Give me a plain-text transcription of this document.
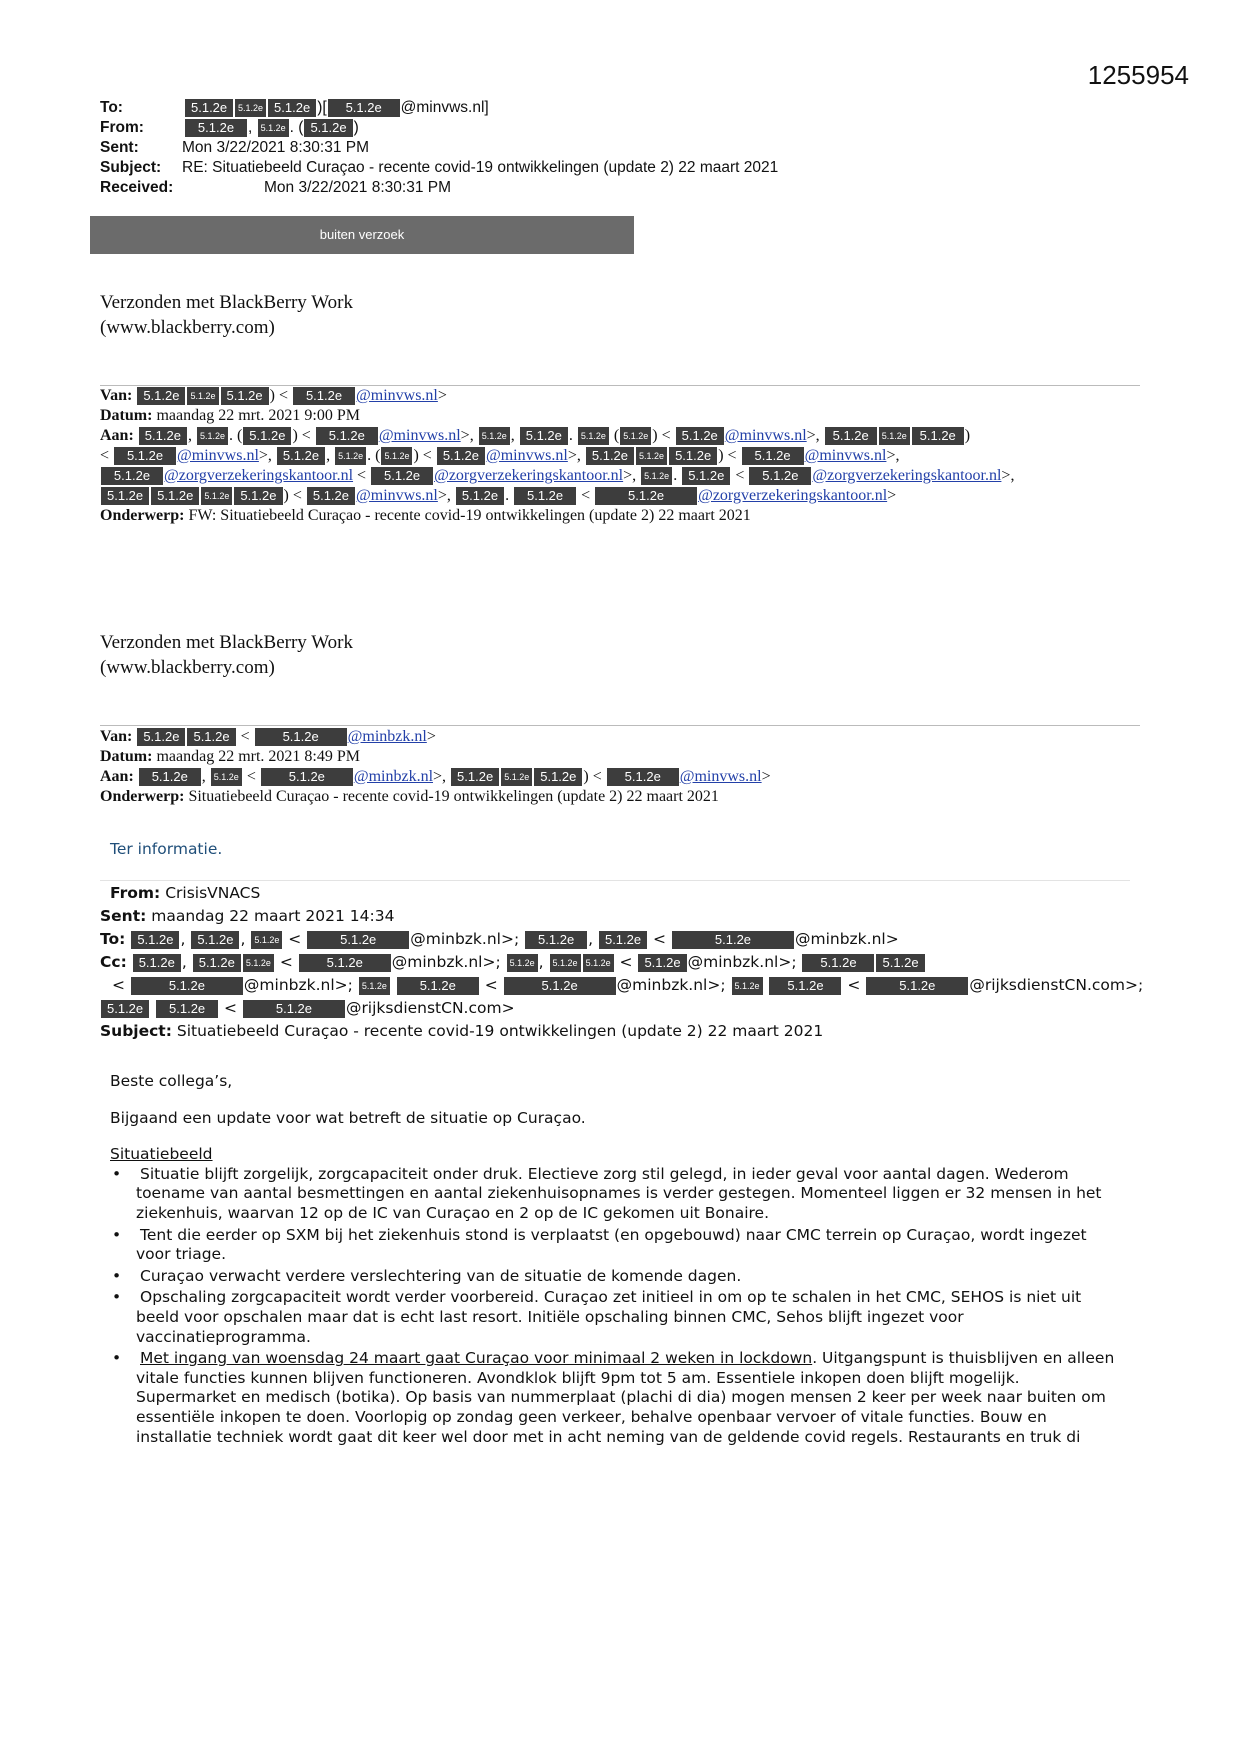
1255954
To:	5.1.2e 5.1.2e 5.1.2e )[ 5.1.2e @minvws.nl]
From:	5.1.2e , 5.1.2e . ( 5.1.2e )
Sent:	Mon 3/22/2021 8:30:31 PM
Subject: RE: Situatiebeeld Curaçao - recente covid-19 ontwikkelingen (update 2) 22 maart 2021
Received:	Mon 3/22/2021 8:30:31 PM
buiten verzoek
Verzonden met BlackBerry Work
(www.blackberry.com)
Van: 5.1.2e 5.1.2e 5.1.2e ) < 5.1.2e @minvws.nl>
Datum: maandag 22 mrt. 2021 9:00 PM
Aan: 5.1.2e , 5.1.2e . ( 5.1.2e ) < 5.1.2e @minvws.nl>, 5.1.2e , 5.1.2e . 5.1.2e ( 5.1.2e ) < 5.1.2e @minvws.nl>, 5.1.2e 5.1.2e 5.1.2e )
< 5.1.2e @minvws.nl>, 5.1.2e , 5.1.2e . ( 5.1.2e ) < 5.1.2e @minvws.nl>, 5.1.2e 5.1.2e 5.1.2e ) < 5.1.2e @minvws.nl>,
5.1.2e @zorgverzekeringskantoor.nl < 5.1.2e @zorgverzekeringskantoor.nl>, 5.1.2e . 5.1.2e < 5.1.2e @zorgverzekeringskantoor.nl>,
5.1.2e 5.1.2e 5.1.2e 5.1.2e ) < 5.1.2e @minvws.nl>, 5.1.2e . 5.1.2e <	5.1.2e @zorgverzekeringskantoor.nl>
Onderwerp: FW: Situatiebeeld Curaçao - recente covid-19 ontwikkelingen (update 2) 22 maart 2021
Verzonden met BlackBerry Work
(www.blackberry.com)
Van: 5.1.2e 5.1.2e < 5.1.2e @minbzk.nl>
Datum: maandag 22 mrt. 2021 8:49 PM
Aan: 5.1.2e , 5.1.2e < 5.1.2e @minbzk.nl>, 5.1.2e 5.1.2e 5.1.2e ) < 5.1.2e @minvws.nl>
Onderwerp: Situatiebeeld Curaçao - recente covid-19 ontwikkelingen (update 2) 22 maart 2021
Ter informatie.
From: CrisisVNACS
Sent: maandag 22 maart 2021 14:34
To: 5.1.2e , 5.1.2e , 5.1.2e <	5.1.2e @minbzk.nl>; 5.1.2e , 5.1.2e <	5.1.2e	@minbzk.nl>
Cc: 5.1.2e , 5.1.2e 5.1.2e < 5.1.2e @minbzk.nl>; 5.1.2e , 5.1.2e 5.1.2e < 5.1.2e @minbzk.nl>; 5.1.2e 5.1.2e
<	5.1.2e	@minbzk.nl>; 5.1.2e	5.1.2e <	5.1.2e	@minbzk.nl>; 5.1.2e 5.1.2e <	5.1.2e @rijksdienstCN.com>;
5.1.2e 5.1.2e <	5.1.2e @rijksdienstCN.com>
Subject: Situatiebeeld Curaçao - recente covid-19 ontwikkelingen (update 2) 22 maart 2021
Beste collega’s,
Bijgaand een update voor wat betreft de situatie op Curaçao.
Situatiebeeld
• Situatie blijft zorgelijk, zorgcapaciteit onder druk. Electieve zorg stil gelegd, in ieder geval voor aantal dagen. Wederom
toename van aantal besmettingen en aantal ziekenhuisopnames is verder gestegen. Momenteel liggen er 32 mensen in het
ziekenhuis, waarvan 12 op de IC van Curaçao en 2 op de IC gekomen uit Bonaire.
• Tent die eerder op SXM bij het ziekenhuis stond is verplaatst (en opgebouwd) naar CMC terrein op Curaçao, wordt ingezet
voor triage.
• Curaçao verwacht verdere verslechtering van de situatie de komende dagen.
• Opschaling zorgcapaciteit wordt verder voorbereid. Curaçao zet initieel in om op te schalen in het CMC, SEHOS is niet uit
beeld voor opschalen maar dat is echt last resort. Initiële opschaling binnen CMC, Sehos blijft ingezet voor
vaccinatieprogramma.
• Met ingang van woensdag 24 maart gaat Curaçao voor minimaal 2 weken in lockdown. Uitgangspunt is thuisblijven en alleen
vitale functies kunnen blijven functioneren. Avondklok blijft 9pm tot 5 am. Essentiele inkopen doen blijft mogelijk.
Supermarket en medisch (botika). Op basis van nummerplaat (plachi di dia) mogen mensen 2 keer per week naar buiten om
essentiële inkopen te doen. Voorlopig op zondag geen verkeer, behalve openbaar vervoer of vitale functies. Bouw en
installatie techniek wordt gaat dit keer wel door met in acht neming van de geldende covid regels. Restaurants en truk di
